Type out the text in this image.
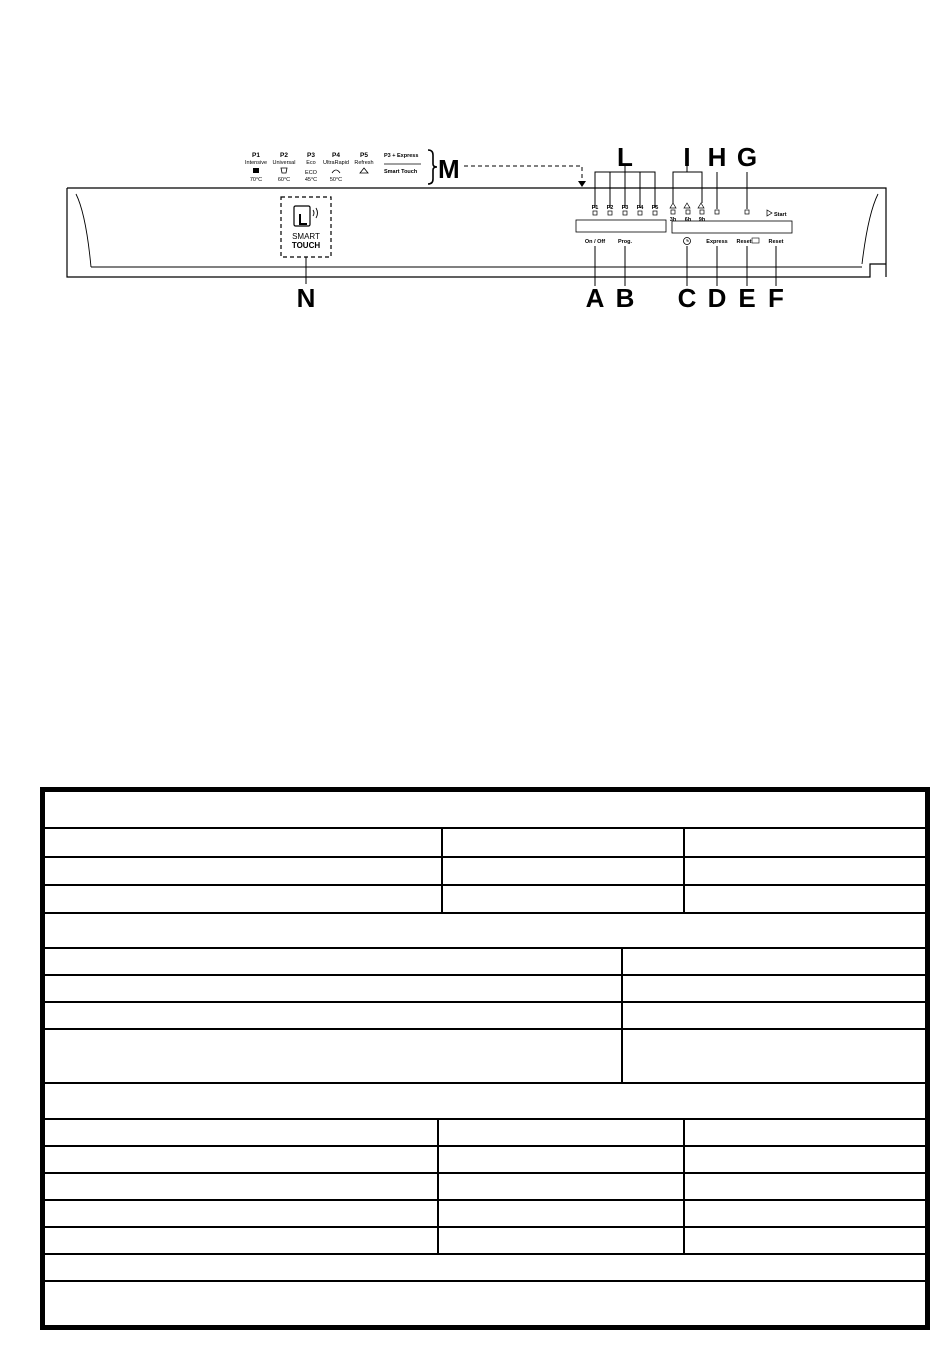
P1
Intensive
70°C
P2
Universal
60°C
P3
Eco
ECO
45°C
P4
UltraRapid
50°C
P5
Refresh
P3 + Express
Smart Touch M
SMART
TOUCH
N
P1 P2 P3 P4 P5
On / Off Prog.
L
A B
3h 6h 9h
I H G
Start
Express Reset	Reset
C D E F
